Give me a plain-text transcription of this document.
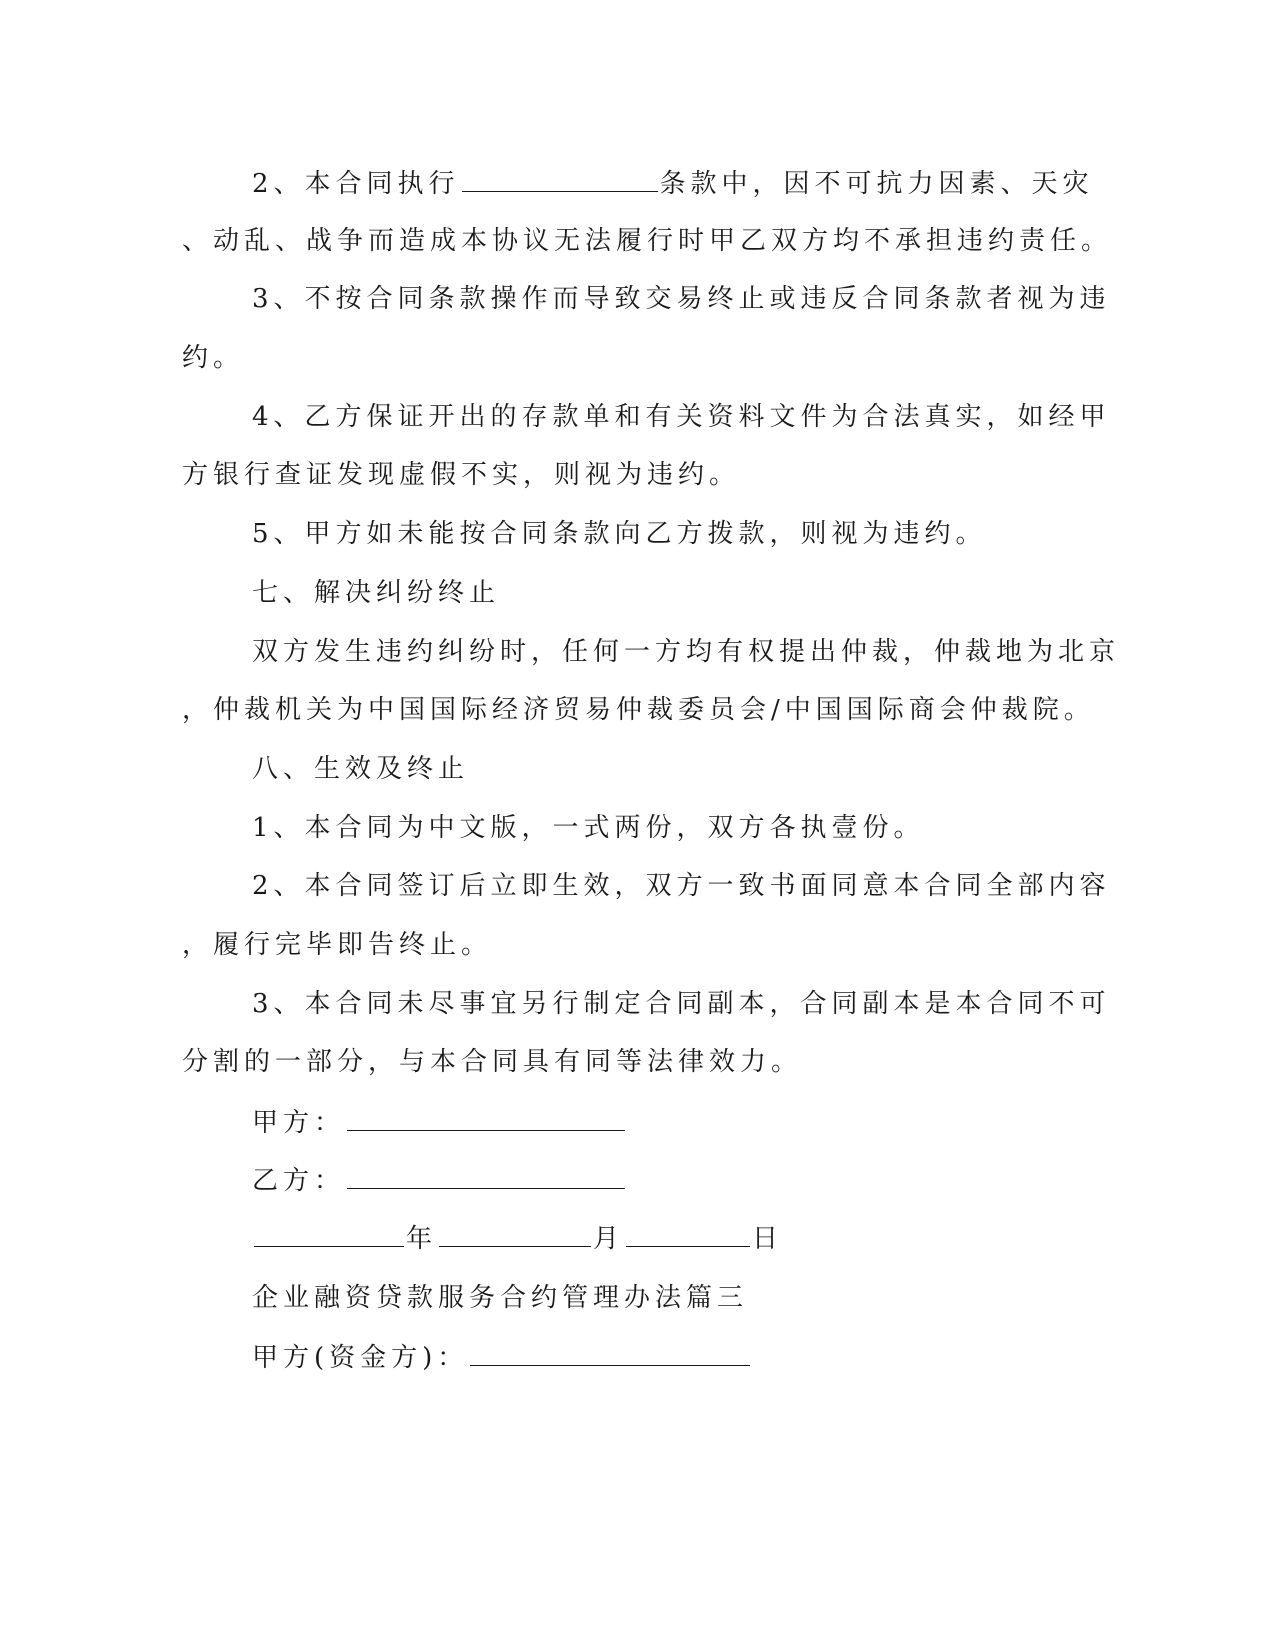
2、本合同执行	条款中，因不可抗力因素、天灾
、动乱、战争而造成本协议无法履行时甲乙双方均不承担违约责任。
3、不按合同条款操作而导致交易终止或违反合同条款者视为违
约。
4、乙方保证开出的存款单和有关资料文件为合法真实，如经甲
方银行查证发现虚假不实，则视为违约。
5、甲方如未能按合同条款向乙方拨款，则视为违约。
七、解决纠纷终止
双方发生违约纠纷时，任何一方均有权提出仲裁，仲裁地为北京
，仲裁机关为中国国际经济贸易仲裁委员会/中国国际商会仲裁院。
八、生效及终止
1、本合同为中文版，一式两份，双方各执壹份。
2、本合同签订后立即生效，双方一致书面同意本合同全部内容
，履行完毕即告终止。
3、本合同未尽事宜另行制定合同副本，合同副本是本合同不可
分割的一部分，与本合同具有同等法律效力。
甲方：
乙方：
年	月	日
企业融资贷款服务合约管理办法篇三
甲方(资金方)：
